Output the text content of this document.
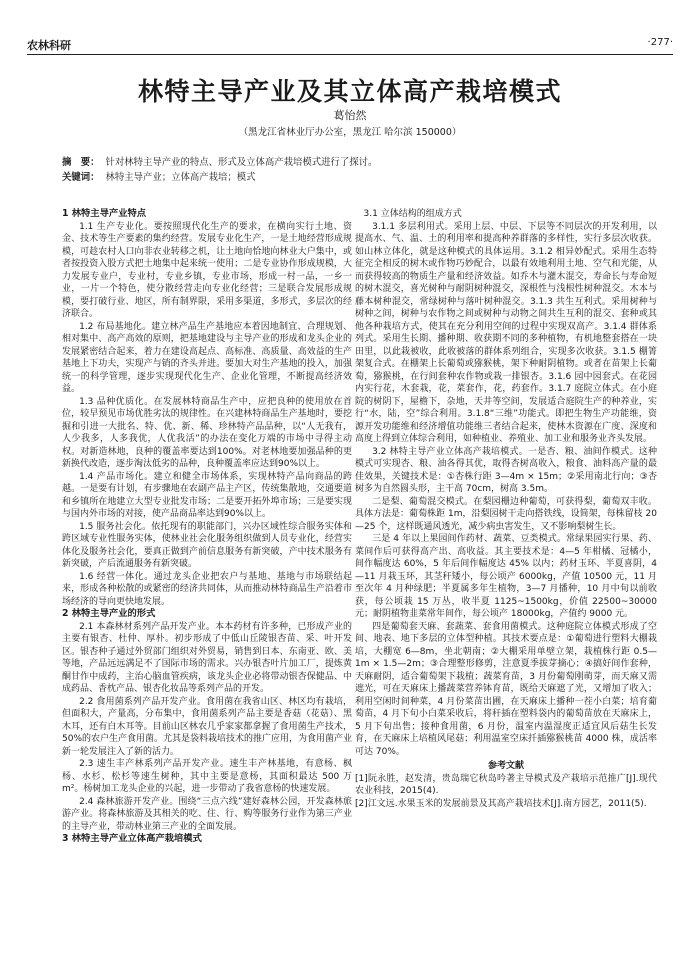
农林科研	·277·
林特主导产业及其立体高产栽培模式
葛怡然
（黑龙江省林业厅办公室，黑龙江 哈尔滨 150000）
摘　要： 针对林特主导产业的特点、形式及立体高产栽培模式进行了探讨。
关键词： 林特主导产业；立体高产栽培；模式
1 林特主导产业特点

1.1 生产专业化。要按照现代化生产的要求，在横向实行土地、资金、技术等生产要素的集约经营。发展专业化生产，一是土地经营形成规模，可趁农村人口向非农业转移之机，让土地向恰地向林业大户集中，或者按投资入股方式把土地集中起来统一使用；二是专业协作形成规模，大力发展专业户，专业村，专业乡镇，专业市场，形成一村一品，一乡一业，一片一个特色，使分散经营走向专业化经营；三是联合发展形成规模，要打破行业、地区，所有制界限，采用多渠道，多形式，多层次的经济联合。

1.2 布局基地化。建立林产品生产基地应本着因地制宜、合理规划、相对集中、高产高效的原则，把基地建设与主导产业的形成和龙头企业的发展紧密结合起来，着力在建设高起点、高标准、高质量、高效益的生产基地上下功夫，实现产与销的齐头并进。要加大对生产基地的投入，加强统一的科学管理，逐步实现现代化生产、企业化管理，不断提高经济效益。

1.3 品种优质化。在发展林特商品生产中，应把良种的使用放在首位，较早预见市场优胜劣汰的规律性。在兴建林特商品生产基地时，要挖掘和引进一大批名、特、优、新、稀、珍林特产品品种，以“人无我有，人少我多，人多我优，人优我活”的办法在变化万端的市场中寻得主动权。对新造林地，良种的覆盖率要达到100%。对老林地要加强品种的更新换代改造，逐步淘汰低劣的品种，良种覆盖率应达到90%以上。

1.4 产品市场化。建立和健全市场体系，实现林特产品向商品的跨越。一是要有计划，有步骤地在农副产品主产区，传统集散地，交通要道和乡镇所在地建立大型专业批发市场；二是要开拓外埠市场；三是要实现与国内外市场的对接，使产品商品率达到90%以上。

1.5 服务社会化。依托现有的职能部门，兴办区域性综合服务实体和跨区域专业性服务实体，使林业社会化服务组织做到人员专业化，经营实体化及服务社会化，要真正做到产前信息服务有新突破，产中技术服务有新突破，产后流通服务有新突破。

1.6 经营一体化。通过龙头企业把农户与基地、基地与市场联结起来，形成各种松散的或紧密的经济共同体，从而推动林特商品生产沿着市场经济的导向更快地发展。

2 林特主导产业的形式

2.1 本森林材系列产品开发产业。本本药材有许多种，已形成产业的主要有银杏、杜仲、厚朴。初步形成了中低山丘陵银杏苗、采、叶开发区。银杏种子通过外贸部门组织对外贸易，销售到日本、东南亚、欧、美等地，产品远远满足不了国际市场的需求。兴办银杏叶片加工厂，提炼黄酮甘作中成药，主治心脑血管疾病，该龙头企业必将带动银杏保健品、中成药品、香枕产品、银杏化妆品等系列产品的开发。

2.2 食用菌系列产品开发产业。食用菌在我省山区、林区均有栽培，但面积大，产量高，分布集中，食用菌系列产品主要是香菇（花菇）、黑木耳，还有白木耳等。目前山区林农几乎家家都拿握了食用菌生产技术，50%的农户生产食用菌。尤其是袋料栽培技术的推广应用，为食用菌产业新一轮发展注入了新的活力。

2.3 速生丰产林系列产品开发产业。速生丰产林基地，有意杨、枫杨、水杉、松杉等速生树种，其中主要是意杨，其面积最达 500 万 m²。杨树加工龙头企业的兴起，进一步带动了我省意杨的快速发展。

2.4 森林旅游开发产业。围绕“三点六线”建好森林公园，开发森林旅游产业。将森林旅游及其相关的吃、住、行、购等服务行业作为第三产业的主导产业，带动林业第三产业的全面发展。

3 林特主导产业立体高产栽培模式

3.1 立体结构的组成方式

3.1.1 多层利用式。采用上层、中层、下层等不同层次的开发利用，以提高水、气、温、土的利用率和提高种养群落的多样性，实行多层次收获。如山林立体化，就是这种模式的具体运用。3.1.2 相异妙配式。采用生态特征完全相反的树木或作物巧妙配合，以最有效地利用土地、空气和光能，从而获得较高的物质生产量和经济效益。如乔木与灌木混交，寿命长与寿命短的树木混交，喜光树种与耐阴树种混交，深根性与浅根性树种混交。木本与藤本树种混交，常绿树种与落叶树种混交。3.1.3 共生互利式。采用树种与树种之间，树种与农作物之间或树种与动物之间共生互利的混交、套种或其他各种栽培方式，使其在充分利用空间的过程中实现双高产。3.1.4 群体系列式。采用生长期、播种期、收获期不同的多种植物，有机地整套搭在一块田里，以此栽被收，此收被落的群体系列组合，实现多次收获。3.1.5 棚箐架复合式。在棚架上长葡萄或猕猴桃，架下种耐阴植物。或者在苗架上长葡萄，猕猴桃，在行间套种农作物或栽一排银杏。3.1.6 园中园套式。在花园内实行花，木套栽，花，菜套作，花，药套作。3.1.7 庭院立体式。在小庭院的树阴下，屋檐下，杂地，天井等空间，发展适合庭院生产的种养业，实行“水，陆，空”综合利用。3.1.8“三维”功能式。即把生物生产功能维，资源开发功能维和经济增值功能维三者结合起来，使林木资源在广度、深度和高度上得到立体综合利用，如种植业、养殖业、加工业和服务业齐头发展。

3.2 林特主导产业立体高产栽培模式。一是杏、粮、油间作模式。这种模式可实现杏、粮、油各得其优，取得杏树高收入，粮食、油料高产量的最佳效果，关键技术是：①杏株行距 3—4m × 15m；②采用南北行向；③杏树多为自然圆头形，主干高 70cm，树高 3.5m。

二是梨、葡萄混交模式。在梨园栅边种葡萄，可获得梨，葡萄双丰收。具体方法是：葡萄株距 1m，沿梨园树干走向搭铁线，设简架，每株留枝 20—25 个，这样既通风透光，减少病虫害发生，又不影响梨树生长。

三是 4 年以上果园间作药材、蔬菜、豆类模式。常绿果园实行果、药、菜间作后可获得高产出、高收益。其主要技术是：4—5 年柑橘、冠橘小，间作幅度达 60%，5 年后间作幅度达 45% 以内；药材玉环、半夏喜阴，4—11 月栽玉环，其茎秆矮小，每公顷产 6000kg，产值 10500 元，11 月至次年 4 月种绿肥；半夏属多年生植物，3—7 月播种，10 月中旬以前收获，每公顷栽 15 万丛，收半夏 1125~1500kg，价值 22500~30000 元；耐阴植物韭菜常年间作，每公顷产 18000kg，产值约 9000 元。

四是葡萄套天麻、套蔬菜、套食用菌模式。这种庭院立体模式形成了空间、地表、地下多层的立体型种植。其技术要点是：①葡萄进行塑料大棚栽培，大棚宽 6—8m，坐北朝南；②大棚采用单壁立架，栽植株行距 0.5—1m × 1.5—2m；③合理整形修剪，注意夏季拔芽摘心；④搞好间作套种，天麻耐阴，适合葡萄架下栽植；蔬菜育苗，3 月份葡萄刚萌芽，而天麻又需遮光，可在天麻床上播蔬菜营养钵育苗，既给天麻遮了光，又增加了收入；利用空闲时间种菜，4 月份菜苗出圃，在天麻床上播种一茬小白菜；培育葡萄苗，4 月下旬小白菜采收后，将秆插在塑料袋内的葡萄苗放在天麻床上，5 月下旬出售；接种食用菌，6 月份，温室内温湿度正适宜风后菇生长发育，在天麻床上培植风尾菇；利用温室空床扦插猕猴桃苗 4000 株，成活率可达 70%。

参考文献

[1]阮永胜，赵发清，贵岛瑞它秋岛吟著主导模式及产栽培示范推广[J].现代农业科技，2015(4).

[2]江文远.水果玉米的发展前景及其高产栽培技术[J].南方园艺，2011(5).
